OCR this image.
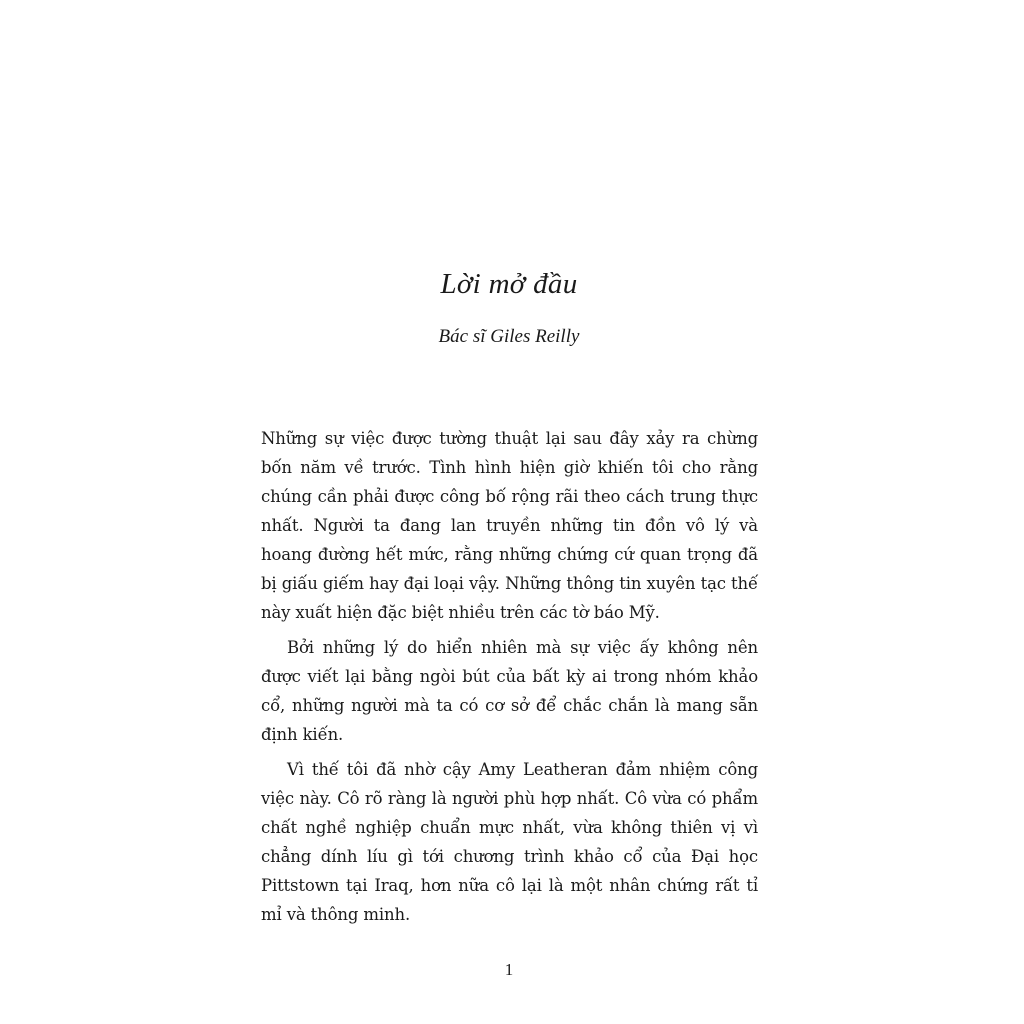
Lời mở đầu
Bác sĩ Giles Reilly

Những sự việc được tường thuật lại sau đây xảy ra chừng bốn năm về trước. Tình hình hiện giờ khiến tôi cho rằng chúng cần phải được công bố rộng rãi theo cách trung thực nhất. Người ta đang lan truyền những tin đồn vô lý và hoang đường hết mức, rằng những chứng cứ quan trọng đã bị giấu giếm hay đại loại vậy. Những thông tin xuyên tạc thế này xuất hiện đặc biệt nhiều trên các tờ báo Mỹ.

Bởi những lý do hiển nhiên mà sự việc ấy không nên được viết lại bằng ngòi bút của bất kỳ ai trong nhóm khảo cổ, những người mà ta có cơ sở để chắc chắn là mang sẵn định kiến.

Vì thế tôi đã nhờ cậy Amy Leatheran đảm nhiệm công việc này. Cô rõ ràng là người phù hợp nhất. Cô vừa có phẩm chất nghề nghiệp chuẩn mực nhất, vừa không thiên vị vì chẳng dính líu gì tới chương trình khảo cổ của Đại học Pittstown tại Iraq, hơn nữa cô lại là một nhân chứng rất tỉ mỉ và thông minh.

1
